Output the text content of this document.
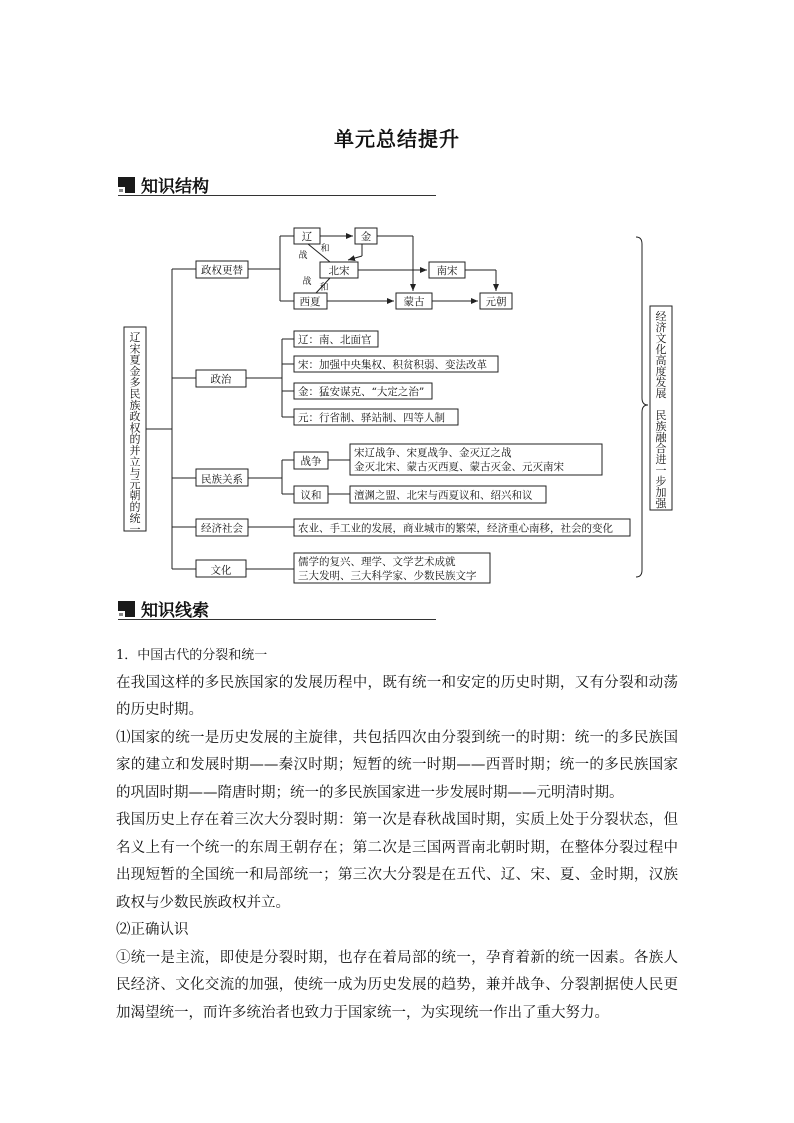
单元总结提升
知识结构
辽宋夏金多民族政权的并立与元朝的统一
经济文化高度发展 民族融合进一步加强
政权更替
政治
民族关系
经济社会
文化
辽	金
北宋	南宋
西夏	蒙古	元朝
战
和
战
和
辽：南、北面官
宋：加强中央集权、积贫积弱、变法改革
金：猛安谋克、“大定之治”
元：行省制、驿站制、四等人制
战争
议和
宋辽战争、宋夏战争、金灭辽之战
金灭北宋、蒙古灭西夏、蒙古灭金、元灭南宋
澶渊之盟、北宋与西夏议和、绍兴和议
农业、手工业的发展，商业城市的繁荣，经济重心南移，社会的变化
儒学的复兴、理学、文学艺术成就
三大发明、三大科学家、少数民族文字
知识线索

1．中国古代的分裂和统一

在我国这样的多民族国家的发展历程中，既有统一和安定的历史时期，又有分裂和动荡的历史时期。

⑴国家的统一是历史发展的主旋律，共包括四次由分裂到统一的时期：统一的多民族国家的建立和发展时期——秦汉时期；短暂的统一时期——西晋时期；统一的多民族国家的巩固时期——隋唐时期；统一的多民族国家进一步发展时期——元明清时期。

我国历史上存在着三次大分裂时期：第一次是春秋战国时期，实质上处于分裂状态，但名义上有一个统一的东周王朝存在；第二次是三国两晋南北朝时期，在整体分裂过程中出现短暂的全国统一和局部统一；第三次大分裂是在五代、辽、宋、夏、金时期，汉族政权与少数民族政权并立。

⑵正确认识

①统一是主流，即使是分裂时期，也存在着局部的统一，孕育着新的统一因素。各族人民经济、文化交流的加强，使统一成为历史发展的趋势，兼并战争、分裂割据使人民更加渴望统一，而许多统治者也致力于国家统一，为实现统一作出了重大努力。
